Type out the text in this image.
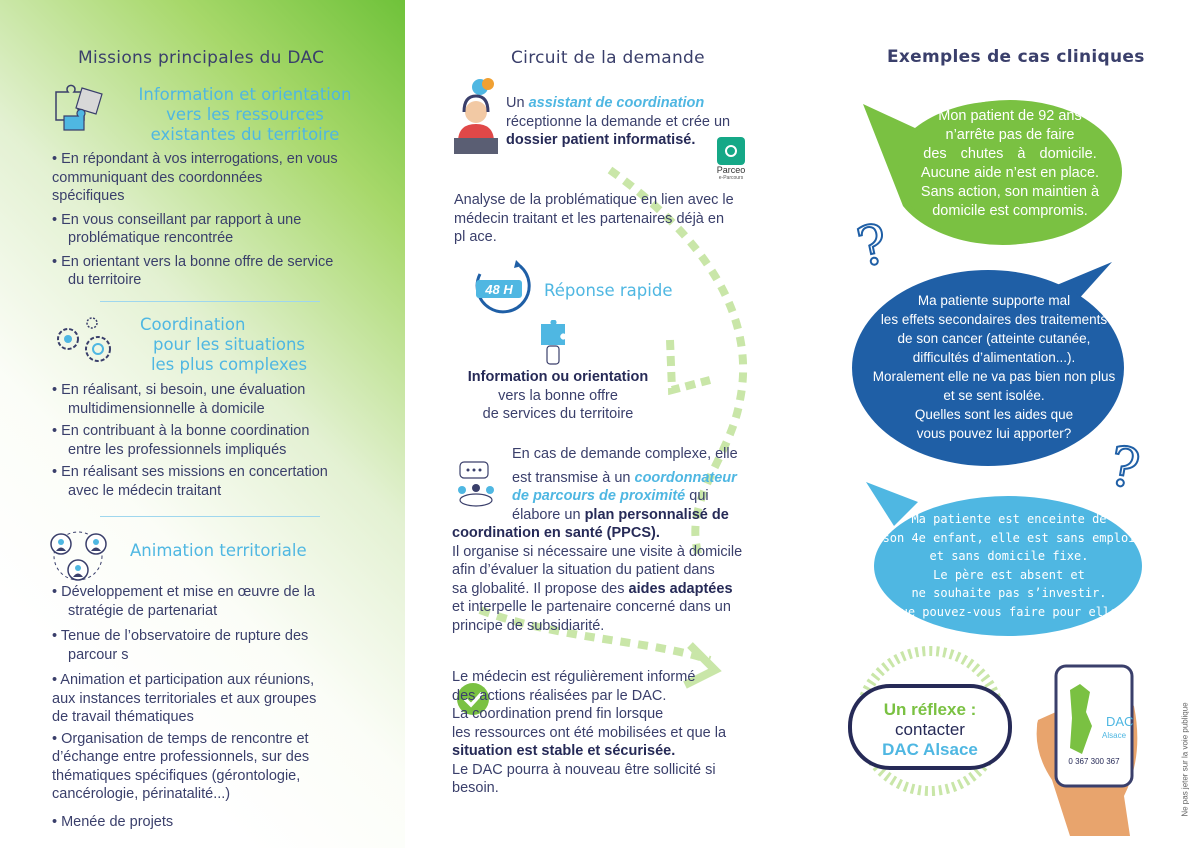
Missions principales du DAC
Information et orientation
vers les ressources
existantes du territoire
• En répondant à vos interrogations, en vous
communiquant des coordonnées
spécifiques
• En vous conseillant par rapport à une
problématique rencontrée
• En orientant vers la bonne offre de service
du territoire
Coordination
pour les situations
les plus complexes
• En réalisant, si besoin, une évaluation
multidimensionnelle à domicile
• En contribuant à la bonne coordination
entre les professionnels impliqués
• En réalisant ses missions en concertation
avec le médecin traitant
Animation territoriale
• Développement et mise en œuvre de la
stratégie de partenariat
• Tenue de l’observatoire de rupture des
parcour s
• Animation et participation aux réunions,
aux instances territoriales et aux groupes
de travail thématiques
• Organisation de temps de rencontre et
d’échange entre professionnels, sur des
thématiques spécifiques (gérontologie,
cancérologie, périnatalité...)
• Menée de projets
Circuit de la demande
Un assistant de coordination
réceptionne la demande et crée un
dossier patient informatisé.
Parceo
e-Parcours
Analyse de la problématique en lien avec le
médecin traitant et les partenaires déjà en
pl ace.
48 H Réponse rapide
Information ou orientation
vers la bonne offre
de services du territoire
En cas de demande complexe, elle
est transmise à un coordonnateur
de parcours de proximité qui
élabore un plan personnalisé de
coordination en santé (PPCS).
Il organise si nécessaire une visite à domicile
afin d’évaluer la situation du patient dans
sa globalité. Il propose des aides adaptées
et interpelle le partenaire concerné dans un
principe de subsidiarité.
Le médecin est régulièrement informé
des actions réalisées par le DAC.
La coordination prend fin lorsque
les ressources ont été mobilisées et que la
situation est stable et sécurisée.
Le DAC pourra à nouveau être sollicité si
besoin.
Exemples de cas cliniques
Mon patient de 92 ans
n’arrête pas de faire
des chutes à domicile.
Aucune aide n’est en place.
Sans action, son maintien à
domicile est compromis.
?
Ma patiente supporte mal
les effets secondaires des traitements
de son cancer (atteinte cutanée,
difficultés d’alimentation...).
Moralement elle ne va pas bien non plus
et se sent isolée.
Quelles sont les aides que
vous pouvez lui apporter?
?
Ma patiente est enceinte de
son 4e enfant, elle est sans emploi
et sans domicile fixe.
Le père est absent et
ne souhaite pas s’investir.
Que pouvez-vous faire pour elle?
Un réflexe :
contacter
DAC Alsace
DAC
Alsace
0 367 300 367	Ne pas jeter sur la voie publique
